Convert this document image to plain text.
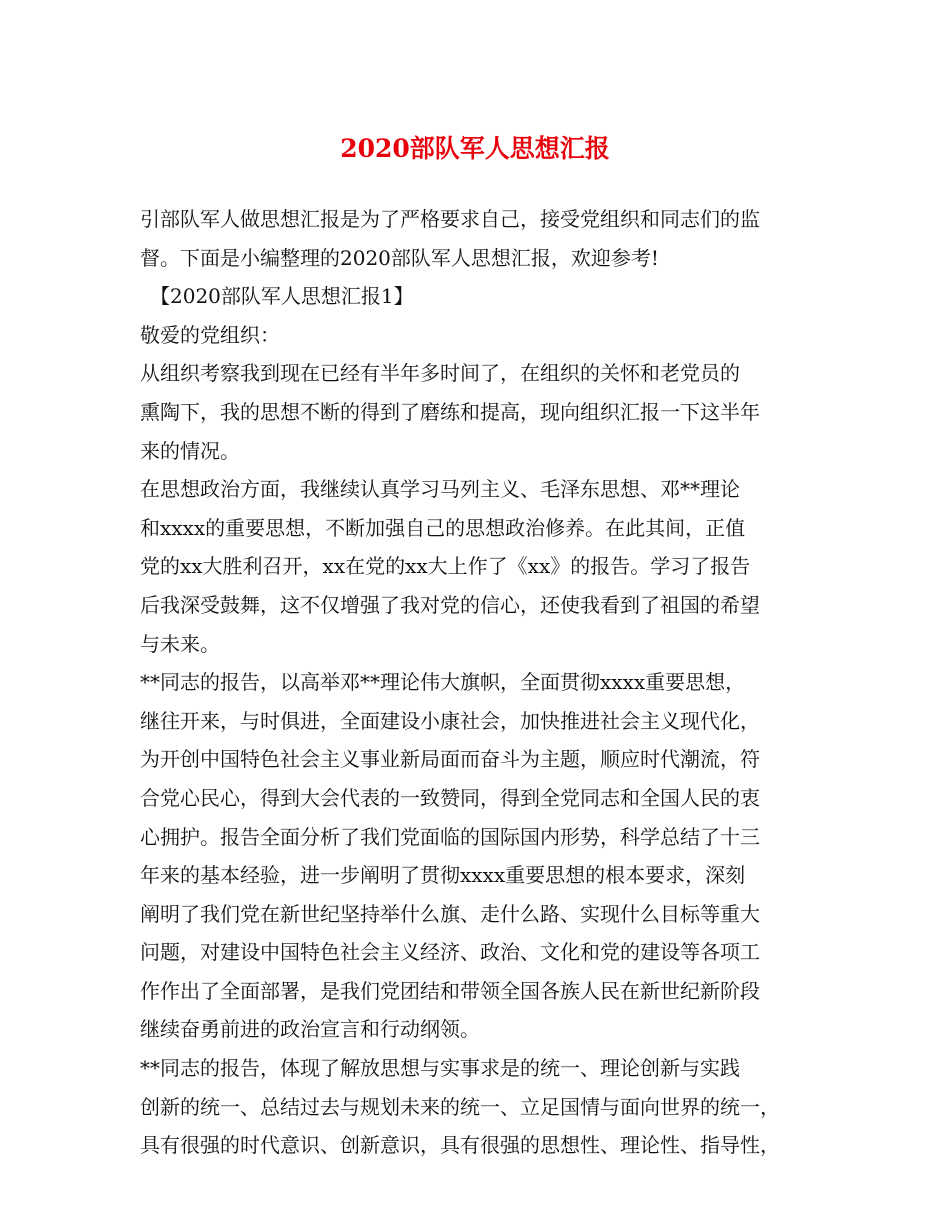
2020部队军人思想汇报
引部队军人做思想汇报是为了严格要求自己，接受党组织和同志们的监
督。下面是小编整理的2020部队军人思想汇报，欢迎参考!
　【2020部队军人思想汇报1】
敬爱的党组织：
从组织考察我到现在已经有半年多时间了，在组织的关怀和老党员的
熏陶下，我的思想不断的得到了磨练和提高，现向组织汇报一下这半年
来的情况。
在思想政治方面，我继续认真学习马列主义、毛泽东思想、邓**理论
和xxxx的重要思想，不断加强自己的思想政治修养。在此其间，正值
党的xx大胜利召开，xx在党的xx大上作了《xx》的报告。学习了报告
后我深受鼓舞，这不仅增强了我对党的信心，还使我看到了祖国的希望
与未来。
**同志的报告，以高举邓**理论伟大旗帜，全面贯彻xxxx重要思想，
继往开来，与时俱进，全面建设小康社会，加快推进社会主义现代化，
为开创中国特色社会主义事业新局面而奋斗为主题，顺应时代潮流，符
合党心民心，得到大会代表的一致赞同，得到全党同志和全国人民的衷
心拥护。报告全面分析了我们党面临的国际国内形势，科学总结了十三
年来的基本经验，进一步阐明了贯彻xxxx重要思想的根本要求，深刻
阐明了我们党在新世纪坚持举什么旗、走什么路、实现什么目标等重大
问题，对建设中国特色社会主义经济、政治、文化和党的建设等各项工
作作出了全面部署，是我们党团结和带领全国各族人民在新世纪新阶段
继续奋勇前进的政治宣言和行动纲领。
**同志的报告，体现了解放思想与实事求是的统一、理论创新与实践
创新的统一、总结过去与规划未来的统一、立足国情与面向世界的统一，
具有很强的时代意识、创新意识，具有很强的思想性、理论性、指导性，
